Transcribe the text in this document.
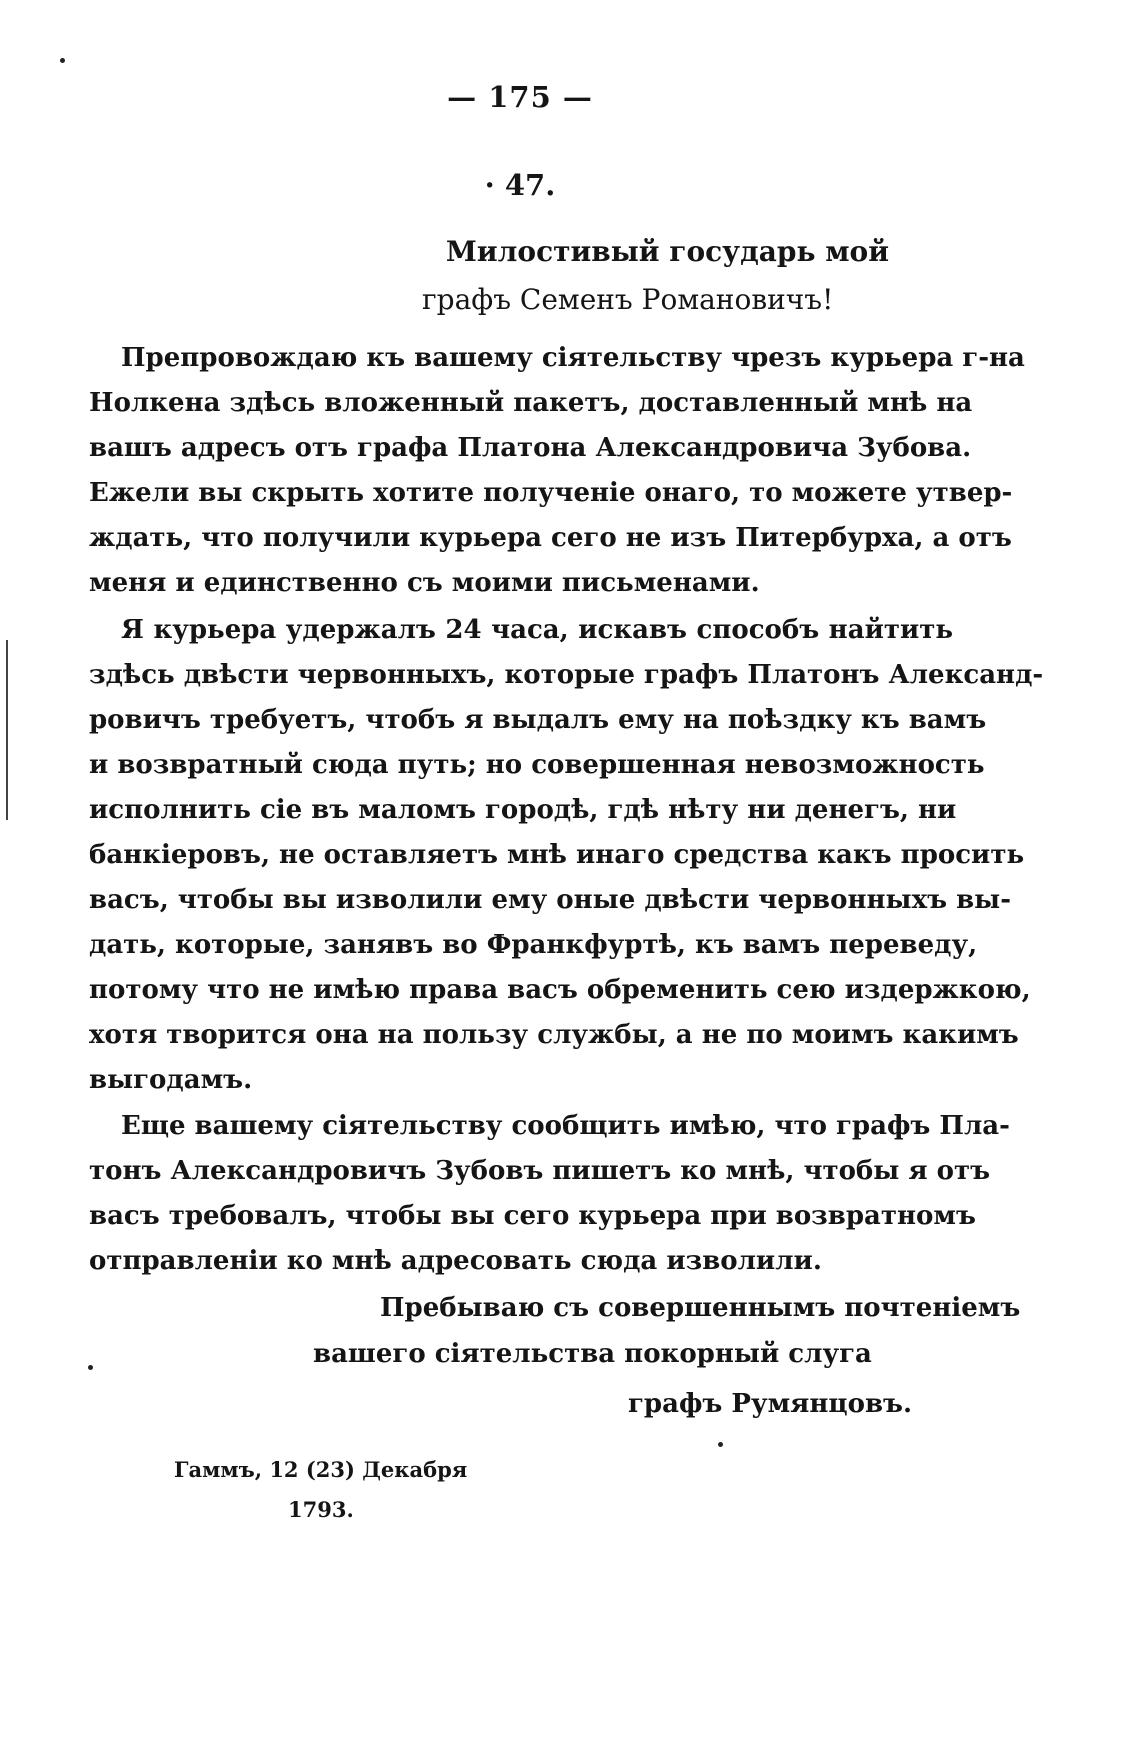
— 175 —
· 47.
Милостивый государь мой
графъ Семенъ Романовичъ!

Препровождаю къ вашему сіятельству чрезъ курьера г-на
Нолкена здѣсь вложенный пакетъ, доставленный мнѣ на
вашъ адресъ отъ графа Платона Александровича Зубова.
Ежели вы скрыть хотите полученіе онаго, то можете утвер-
ждать, что получили курьера сего не изъ Питербурха, а отъ
меня и единственно съ моими письменами.

Я курьера удержалъ 24 часа, искавъ способъ найтить
здѣсь двѣсти червонныхъ, которые графъ Платонъ Александ-
ровичъ требуетъ, чтобъ я выдалъ ему на поѣздку къ вамъ
и возвратный сюда путь; но совершенная невозможность
исполнить сіе въ маломъ городѣ, гдѣ нѣту ни денегъ, ни
банкіеровъ, не оставляетъ мнѣ инаго средства какъ просить
васъ, чтобы вы изволили ему оные двѣсти червонныхъ вы-
дать, которые, занявъ во Франкфуртѣ, къ вамъ переведу,
потому что не имѣю права васъ обременить сею издержкою,
хотя творится она на пользу службы, а не по моимъ какимъ
выгодамъ.

Еще вашему сіятельству сообщить имѣю, что графъ Пла-
тонъ Александровичъ Зубовъ пишетъ ко мнѣ, чтобы я отъ
васъ требовалъ, чтобы вы сего курьера при возвратномъ
отправленіи ко мнѣ адресовать сюда изволили.

Пребываю съ совершеннымъ почтеніемъ
вашего сіятельства покорный слуга
графъ Румянцовъ.
Гаммъ, 12 (23) Декабря
1793.
